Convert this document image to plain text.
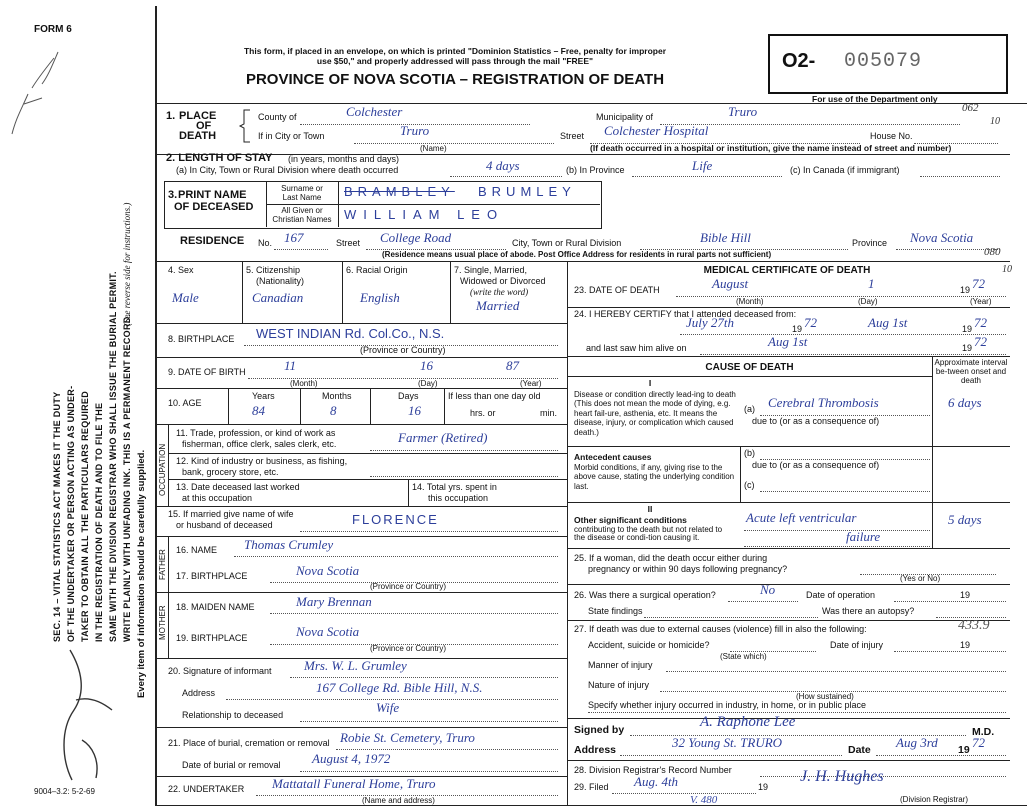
FORM 6
SEC. 14 – VITAL STATISTICS ACT MAKES IT THE DUTY OF THE UNDERTAKER OR PERSON ACTING AS UNDER- TAKER TO OBTAIN ALL THE PARTICULARS REQUIRED IN THE REGISTRATION OF DEATH AND TO FILE THE SAME WITH THE DIVISION REGISTRAR WHO SHALL ISSUE THE BURIAL PERMIT. WRITE PLAINLY WITH UNFADING INK. THIS IS A PERMANENT RECORD. Every item of information should be carefully supplied.
(See reverse side for instructions.)
9004–3.2: 5-2-69
This form, if placed in an envelope, on which is printed "Dominion Statistics – Free, penalty for improper
use $50," and properly addressed will pass through the mail "FREE"
PROVINCE OF NOVA SCOTIA – REGISTRATION OF DEATH
O2- 005079
For use of the Department only
062
10
080
10
1. PLACE
OF
DEATH
County of	Colchester	Municipality of	Truro
If in City or Town	Truro
(Name)
Street Colchester Hospital	House No.
(If death occurred in a hospital or institution, give the name instead of street and number)
2. LENGTH OF STAY (in years, months and days)
(a) In City, Town or Rural Division where death occurred	4 days	(b) In Province	Life	(c) In Canada (if immigrant)
3. PRINT NAME
OF DECEASED
Surname or
Last Name
All Given or
Christian Names
BRAMBLEY BRUMLEY
WILLIAM LEO
RESIDENCE No. 167	Street College Road	City, Town or Rural Division	Bible Hill	Province Nova Scotia
(Residence means usual place of abode. Post Office Address for residents in rural parts not sufficient)
4. Sex
Male
5. Citizenship
(Nationality)
Canadian
6. Racial Origin
English
7. Single, Married,
Widowed or Divorced
(write the word)
Married
8. BIRTHPLACE WEST INDIAN Rd. Col.Co., N.S.
(Province or Country)
9. DATE OF BIRTH	11	16	87
(Month)	(Day)	(Year)
10. AGE
Years
84
Months
8
Days
16
If less than one day old
hrs. or	min.
OCCUPATION
11. Trade, profession, or kind of work as
fisherman, office clerk, sales clerk, etc.	Farmer (Retired)
12. Kind of industry or business, as fishing,
bank, grocery store, etc.
13. Date deceased last worked
at this occupation
14. Total yrs. spent in
this occupation
15. If married give name of wife
or husband of deceased	FLORENCE
FATHER 16. NAME Thomas Crumley
17. BIRTHPLACE	Nova Scotia
(Province or Country)
MOTHER 18. MAIDEN NAME	Mary Brennan
19. BIRTHPLACE	Nova Scotia
(Province or Country)
20. Signature of informant Mrs. W. L. Grumley
Address	167 College Rd. Bible Hill, N.S.
Relationship to deceased	Wife
21. Place of burial, cremation or removal Robie St. Cemetery, Truro
Date of burial or removal August 4, 1972
22. UNDERTAKER Mattatall Funeral Home, Truro
(Name and address)
MEDICAL CERTIFICATE OF DEATH
23. DATE OF DEATH	August	1	19 72
(Month)	(Day)	(Year)
24. I HEREBY CERTIFY that I attended deceased from:
July 27th	19 72	Aug 1st	19 72
and last saw him alive on	Aug 1st	19 72
CAUSE OF DEATH	Approximate interval be-tween onset and death
I
Disease or condition directly lead-ing to death (This does not mean the mode of dying, e.g. heart fail-ure, asthenia, etc. It means the disease, injury, or complication which caused death.)
(a) Cerebral Thrombosis	6 days
due to (or as a consequence of)
Antecedent causes
Morbid conditions, if any, giving rise to the above cause, stating the underlying condition last.
(b)
due to (or as a consequence of)
(c)
II
Other significant conditions
contributing to the death but not related to the disease or condi-tion causing it.
Acute left ventricular
failure
5 days
25. If a woman, did the death occur either during
pregnancy or within 90 days following pregnancy?
(Yes or No)
26. Was there a surgical operation?	No	Date of operation	19
State findings	Was there an autopsy?
27. If death was due to external causes (violence) fill in also the following:	433.9
Accident, suicide or homicide?
(State which)
Date of injury	19
Manner of injury
Nature of injury
(How sustained)
Specify whether injury occurred in industry, in home, or in public place
Signed by	A. Raphone Lee
M.D.
Address	32 Young St. TRURO	Date Aug 3rd 19 72
28. Division Registrar's Record Number
29. Filed Aug. 4th	19
V. 480
J. H. Hughes
(Division Registrar)
